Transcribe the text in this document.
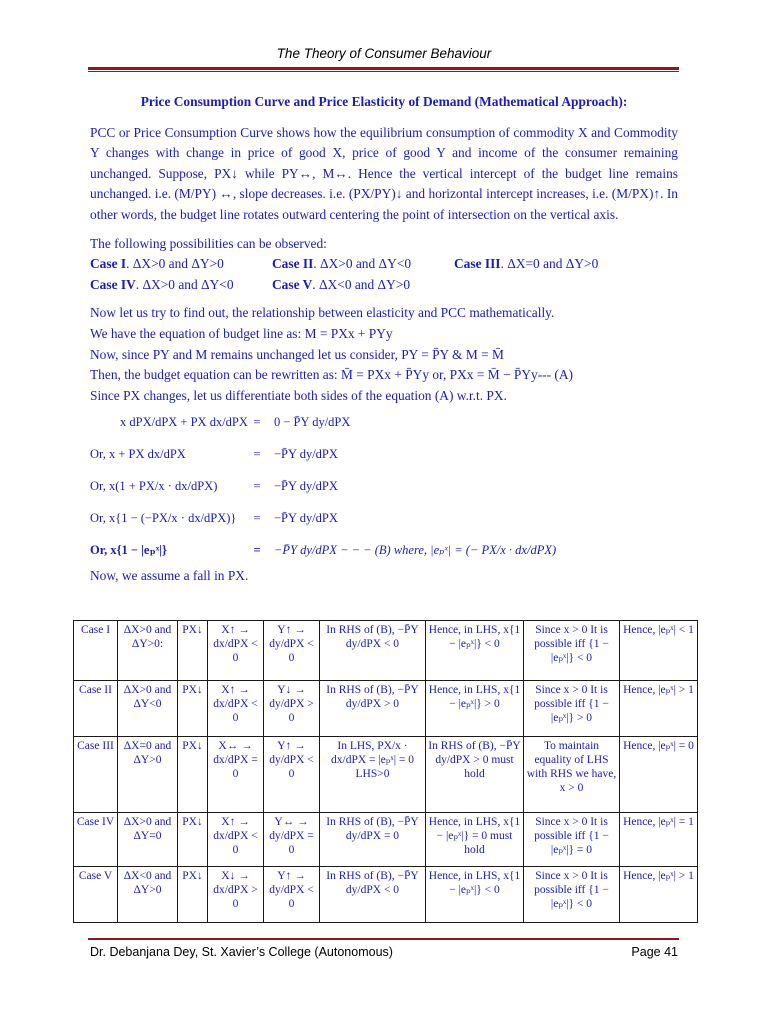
The Theory of Consumer Behaviour

Price Consumption Curve and Price Elasticity of Demand (Mathematical Approach):

PCC or Price Consumption Curve shows how the equilibrium consumption of commodity X and Commodity Y changes with change in price of good X, price of good Y and income of the consumer remaining unchanged. Suppose, PX↓ while PY↔, M↔. Hence the vertical intercept of the budget line remains unchanged. i.e. (M/PY) ↔, slope decreases. i.e. (PX/PY)↓ and horizontal intercept increases, i.e. (M/PX)↑. In other words, the budget line rotates outward centering the point of intersection on the vertical axis.

The following possibilities can be observed:

Case I. ΔX>0 and ΔY>0	Case II. ΔX>0 and ΔY<0	Case III. ΔX=0 and ΔY>0
Case IV. ΔX>0 and ΔY<0	Case V. ΔX<0 and ΔY>0

Now let us try to find out, the relationship between elasticity and PCC mathematically.

We have the equation of budget line as: M = PXx + PYy

Now, since PY and M remains unchanged let us consider, PY = P̄Y & M = M̄

Then, the budget equation can be rewritten as: M̄ = PXx + P̄Yy or, PXx = M̄ − P̄Yy--- (A)

Since PX changes, let us differentiate both sides of the equation (A) w.r.t. PX.

x dPX/dPX + PX dx/dPX =	0 − P̄Y dy/dPX
Or, x + PX dx/dPX	=	−P̄Y dy/dPX
Or, x(1 + PX/x · dx/dPX)	=	−P̄Y dy/dPX
Or, x{1 − (−PX/x · dx/dPX)}	=	−P̄Y dy/dPX
Or, x{1 − |eₚˣ|}	=	−P̄Y dy/dPX − − − (B) where, |eₚˣ| = (− PX/x · dx/dPX)

Now, we assume a fall in PX.

Case I	ΔX>0 and ΔY>0:	PX↓	X↑ → dx/dPX < 0	Y↑ → dy/dPX < 0	In RHS of (B), −P̄Y dy/dPX < 0	Hence, in LHS, x{1 − |eₚˣ|} < 0	Since x > 0 It is possible iff {1 − |eₚˣ|} < 0	Hence, |eₚˣ| < 1
Case II	ΔX>0 and ΔY<0	PX↓	X↑ → dx/dPX < 0	Y↓ → dy/dPX > 0	In RHS of (B), −P̄Y dy/dPX > 0	Hence, in LHS, x{1 − |eₚˣ|} > 0	Since x > 0 It is possible iff {1 − |eₚˣ|} > 0	Hence, |eₚˣ| > 1
Case III	ΔX=0 and ΔY>0	PX↓	X↔ → dx/dPX = 0	Y↑ → dy/dPX < 0	In LHS, PX/x · dx/dPX = |eₚˣ| = 0 LHS>0	In RHS of (B), −P̄Y dy/dPX > 0 must hold	To maintain equality of LHS with RHS we have, x > 0	Hence, |eₚˣ| = 0
Case IV	ΔX>0 and ΔY=0	PX↓	X↑ → dx/dPX < 0	Y↔ → dy/dPX = 0	In RHS of (B), −P̄Y dy/dPX = 0	Hence, in LHS, x{1 − |eₚˣ|} = 0 must hold	Since x > 0 It is possible iff {1 − |eₚˣ|} = 0	Hence, |eₚˣ| = 1
Case V	ΔX<0 and ΔY>0	PX↓	X↓ → dx/dPX > 0	Y↑ → dy/dPX < 0	In RHS of (B), −P̄Y dy/dPX < 0	Hence, in LHS, x{1 − |eₚˣ|} < 0	Since x > 0 It is possible iff {1 − |eₚˣ|} < 0	Hence, |eₚˣ| > 1
Dr. Debanjana Dey, St. Xavier’s College (Autonomous)	Page 41
